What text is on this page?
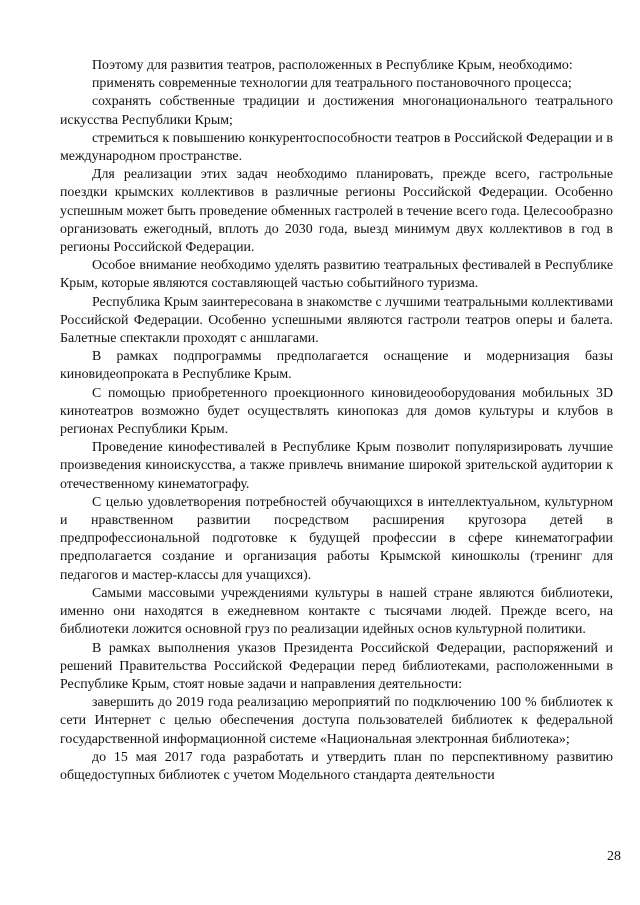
Поэтому для развития театров, расположенных в Республике Крым, необходимо:

применять современные технологии для театрального постановочного процесса;

сохранять собственные традиции и достижения многонационального театрального искусства Республики Крым;

стремиться к повышению конкурентоспособности театров в Российской Федерации и в международном пространстве.

Для реализации этих задач необходимо планировать, прежде всего, гастрольные поездки крымских коллективов в различные регионы Российской Федерации. Особенно успешным может быть проведение обменных гастролей в течение всего года. Целесообразно организовать ежегодный, вплоть до 2030 года, выезд минимум двух коллективов в год в регионы Российской Федерации.

Особое внимание необходимо уделять развитию театральных фестивалей в Республике Крым, которые являются составляющей частью событийного туризма.

Республика Крым заинтересована в знакомстве с лучшими театральными коллективами Российской Федерации. Особенно успешными являются гастроли театров оперы и балета. Балетные спектакли проходят с аншлагами.

В рамках подпрограммы предполагается оснащение и модернизация базы киновидеопроката в Республике Крым.

С помощью приобретенного проекционного киновидеооборудования мобильных 3D кинотеатров возможно будет осуществлять кинопоказ для домов культуры и клубов в регионах Республики Крым.

Проведение кинофестивалей в Республике Крым позволит популяризировать лучшие произведения киноискусства, а также привлечь внимание широкой зрительской аудитории к отечественному кинематографу.

С целью удовлетворения потребностей обучающихся в интеллектуальном, культурном и нравственном развитии посредством расширения кругозора детей в предпрофессиональной подготовке к будущей профессии в сфере кинематографии предполагается создание и организация работы Крымской киношколы (тренинг для педагогов и мастер-классы для учащихся).

Самыми массовыми учреждениями культуры в нашей стране являются библиотеки, именно они находятся в ежедневном контакте с тысячами людей. Прежде всего, на библиотеки ложится основной груз по реализации идейных основ культурной политики.

В рамках выполнения указов Президента Российской Федерации, распоряжений и решений Правительства Российской Федерации перед библиотеками, расположенными в Республике Крым, стоят новые задачи и направления деятельности:

завершить до 2019 года реализацию мероприятий по подключению 100 % библиотек к сети Интернет с целью обеспечения доступа пользователей библиотек к федеральной государственной информационной системе «Национальная электронная библиотека»;

до 15 мая 2017 года разработать и утвердить план по перспективному развитию общедоступных библиотек с учетом Модельного стандарта деятельности

28
